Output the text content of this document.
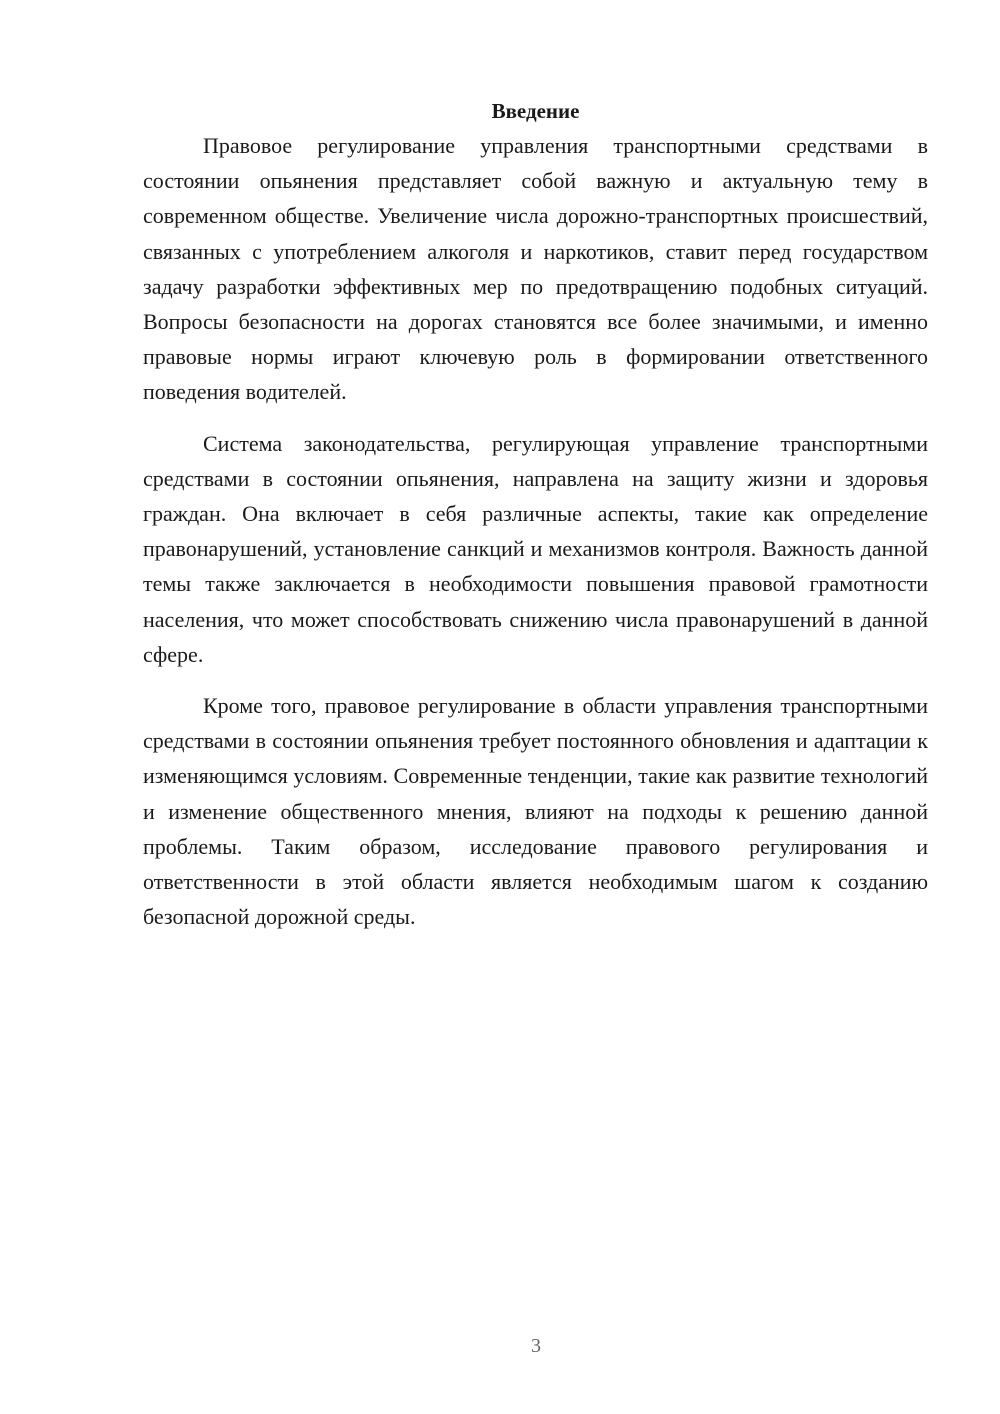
Введение

Правовое регулирование управления транспортными средствами в состоянии опьянения представляет собой важную и актуальную тему в современном обществе. Увеличение числа дорожно-транспортных происшествий, связанных с употреблением алкоголя и наркотиков, ставит перед государством задачу разработки эффективных мер по предотвращению подобных ситуаций. Вопросы безопасности на дорогах становятся все более значимыми, и именно правовые нормы играют ключевую роль в формировании ответственного поведения водителей.

Система законодательства, регулирующая управление транспортными средствами в состоянии опьянения, направлена на защиту жизни и здоровья граждан. Она включает в себя различные аспекты, такие как определение правонарушений, установление санкций и механизмов контроля. Важность данной темы также заключается в необходимости повышения правовой грамотности населения, что может способствовать снижению числа правонарушений в данной сфере.

Кроме того, правовое регулирование в области управления транспортными средствами в состоянии опьянения требует постоянного обновления и адаптации к изменяющимся условиям. Современные тенденции, такие как развитие технологий и изменение общественного мнения, влияют на подходы к решению данной проблемы. Таким образом, исследование правового регулирования и ответственности в этой области является необходимым шагом к созданию безопасной дорожной среды.

3
